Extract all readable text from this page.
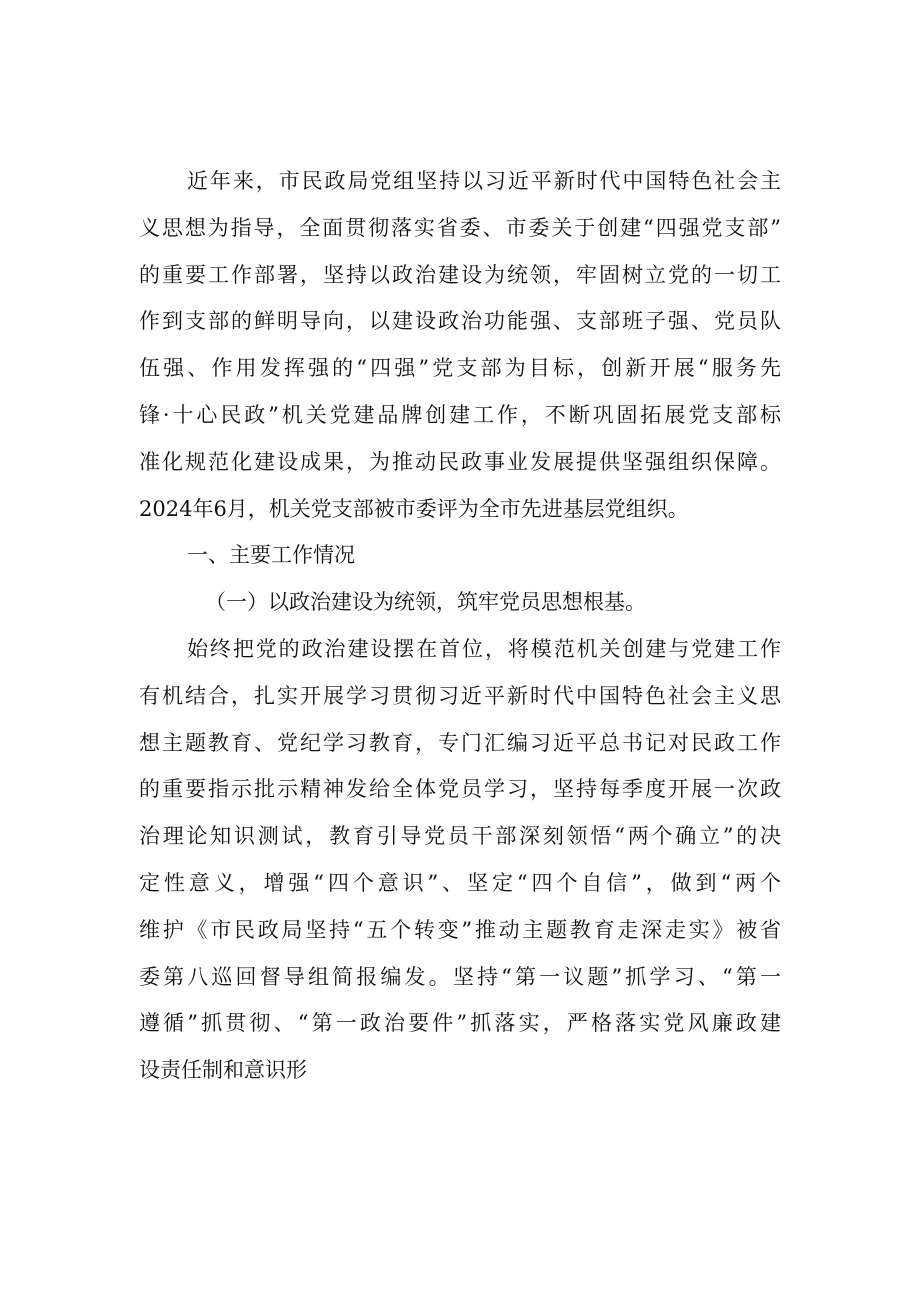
近年来，市民政局党组坚持以习近平新时代中国特色社会主
义思想为指导，全面贯彻落实省委、市委关于创建“四强党支部”
的重要工作部署，坚持以政治建设为统领，牢固树立党的一切工
作到支部的鲜明导向，以建设政治功能强、支部班子强、党员队
伍强、作用发挥强的“四强”党支部为目标，创新开展“服务先
锋·十心民政”机关党建品牌创建工作，不断巩固拓展党支部标
准化规范化建设成果，为推动民政事业发展提供坚强组织保障。
2024年6月，机关党支部被市委评为全市先进基层党组织。
一、主要工作情况
（一）以政治建设为统领，筑牢党员思想根基。
始终把党的政治建设摆在首位，将模范机关创建与党建工作
有机结合，扎实开展学习贯彻习近平新时代中国特色社会主义思
想主题教育、党纪学习教育，专门汇编习近平总书记对民政工作
的重要指示批示精神发给全体党员学习，坚持每季度开展一次政
治理论知识测试，教育引导党员干部深刻领悟“两个确立”的决
定性意义，增强“四个意识”、坚定“四个自信”，做到“两个
维护《市民政局坚持“五个转变”推动主题教育走深走实》被省
委第八巡回督导组简报编发。坚持“第一议题”抓学习、“第一
遵循”抓贯彻、“第一政治要件”抓落实，严格落实党风廉政建
设责任制和意识形
